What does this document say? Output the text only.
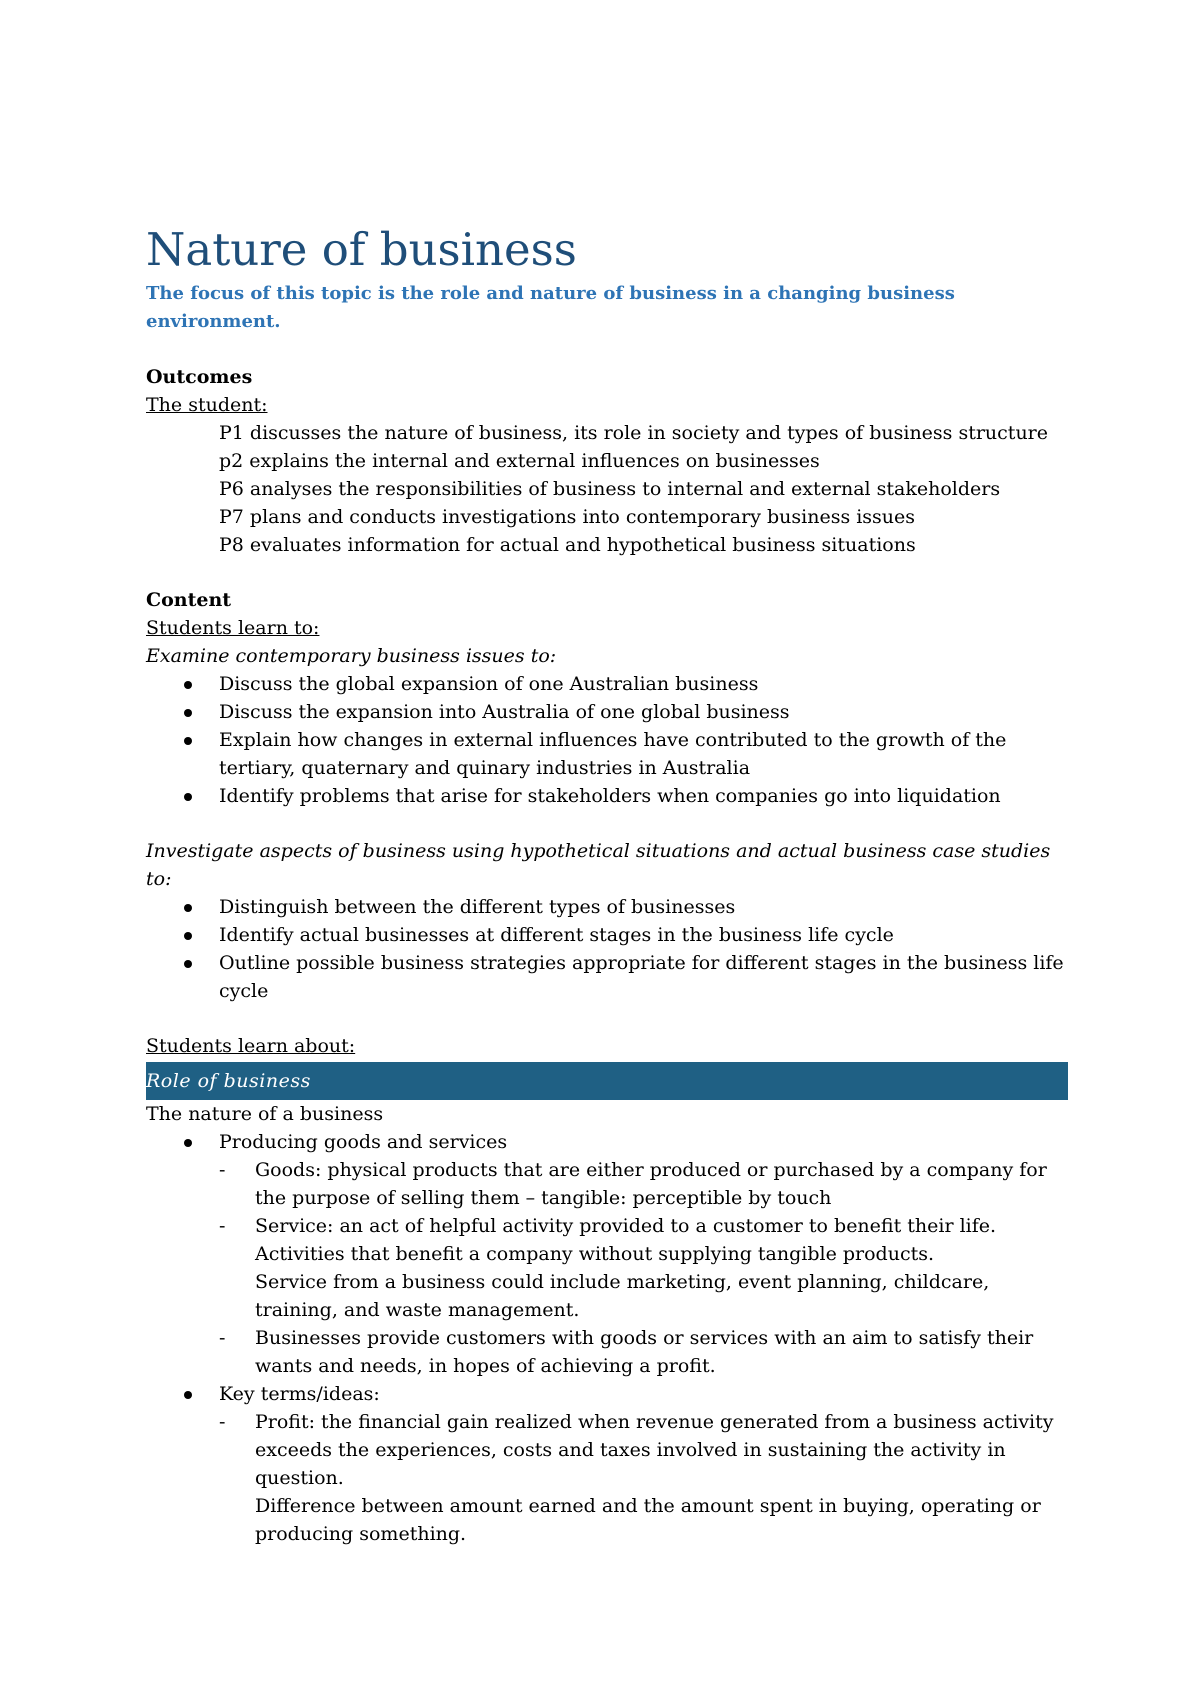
Nature of business

The focus of this topic is the role and nature of business in a changing business environment.

Outcomes

The student:

P1 discusses the nature of business, its role in society and types of business structure

p2 explains the internal and external influences on businesses

P6 analyses the responsibilities of business to internal and external stakeholders

P7 plans and conducts investigations into contemporary business issues

P8 evaluates information for actual and hypothetical business situations

Content

Students learn to:

Examine contemporary business issues to:

Discuss the global expansion of one Australian business
Discuss the expansion into Australia of one global business
Explain how changes in external influences have contributed to the growth of the tertiary, quaternary and quinary industries in Australia
Identify problems that arise for stakeholders when companies go into liquidation

Investigate aspects of business using hypothetical situations and actual business case studies to:

Distinguish between the different types of businesses
Identify actual businesses at different stages in the business life cycle
Outline possible business strategies appropriate for different stages in the business life cycle

Students learn about:

Role of business

The nature of a business

Producing goods and services
- Goods: physical products that are either produced or purchased by a company for the purpose of selling them – tangible: perceptible by touch
- Service: an act of helpful activity provided to a customer to benefit their life.
Activities that benefit a company without supplying tangible products.
Service from a business could include marketing, event planning, childcare, training, and waste management.
- Businesses provide customers with goods or services with an aim to satisfy their wants and needs, in hopes of achieving a profit.
Key terms/ideas:
- Profit: the financial gain realized when revenue generated from a business activity exceeds the experiences, costs and taxes involved in sustaining the activity in question.
Difference between amount earned and the amount spent in buying, operating or producing something.
